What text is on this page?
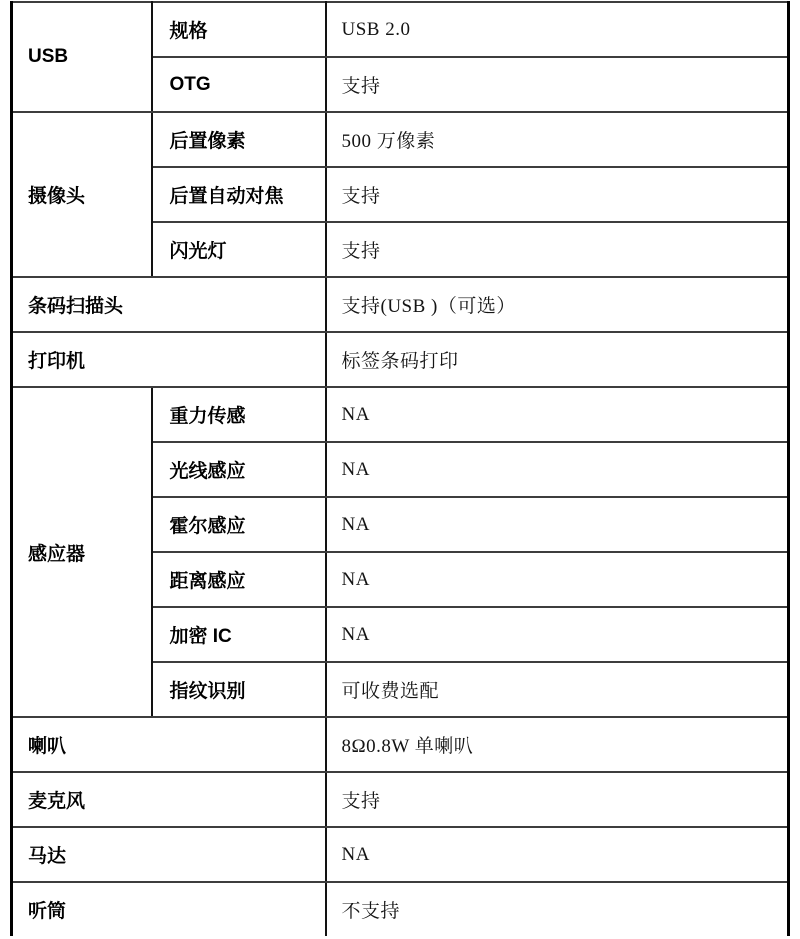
USB	规格	USB 2.0
	OTG	支持
摄像头	后置像素	500 万像素
	后置自动对焦	支持
	闪光灯	支持
条码扫描头		支持(USB )（可选）
打印机		标签条码打印
感应器	重力传感	NA
	光线感应	NA
	霍尔感应	NA
	距离感应	NA
	加密 IC	NA
	指纹识别	可收费选配
喇叭		8Ω0.8W 单喇叭
麦克风		支持
马达		NA
听筒		不支持
